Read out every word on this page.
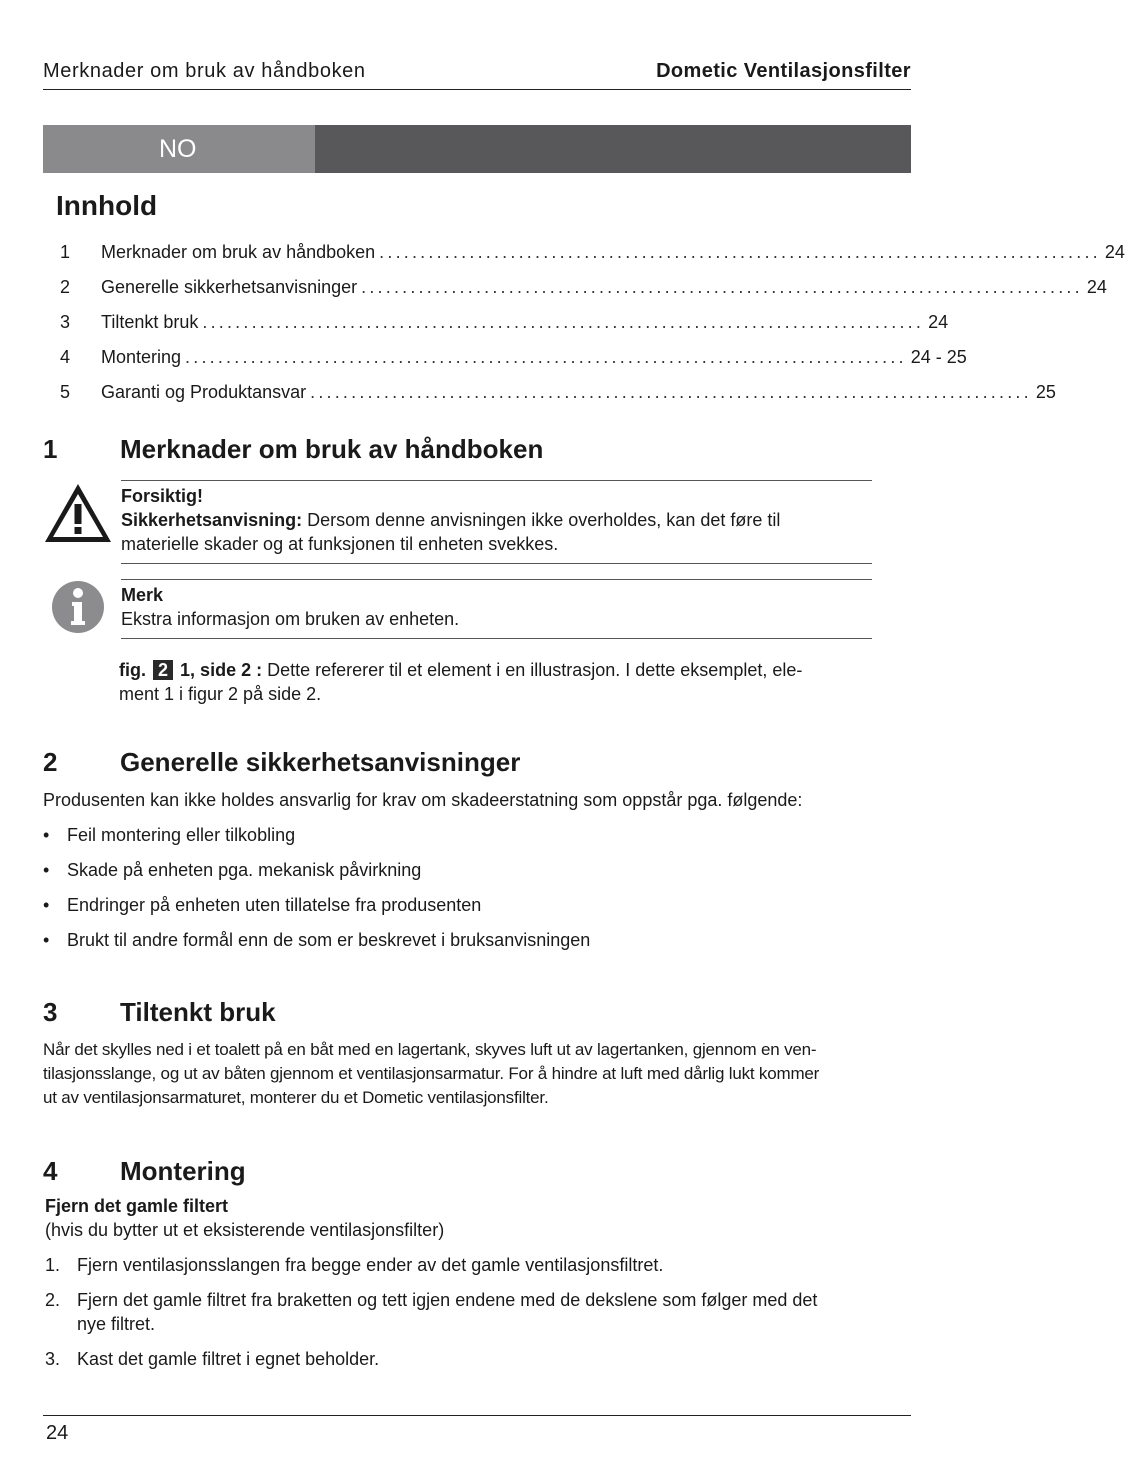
Merknader om bruk av håndboken	Dometic Ventilasjonsfilter
NO
Innhold
1	Merknader om bruk av håndboken ........................................................................................ 24
2	Generelle sikkerhetsanvisninger ........................................................................................ 24
3	Tiltenkt bruk ........................................................................................ 24
4	Montering ........................................................................................ 24 - 25
5	Garanti og Produktansvar ........................................................................................ 25
1 Merknader om bruk av håndboken
Forsiktig!
Sikkerhetsanvisning: Dersom denne anvisningen ikke overholdes, kan det føre til
materielle skader og at funksjonen til enheten svekkes.
Merk
Ekstra informasjon om bruken av enheten.
fig. 2 1, side 2 : Dette refererer til et element i en illustrasjon. I dette eksemplet, ele-
ment 1 i figur 2 på side 2.
2 Generelle sikkerhetsanvisninger
Produsenten kan ikke holdes ansvarlig for krav om skadeerstatning som oppstår pga. følgende:
• Feil montering eller tilkobling
• Skade på enheten pga. mekanisk påvirkning
• Endringer på enheten uten tillatelse fra produsenten
• Brukt til andre formål enn de som er beskrevet i bruksanvisningen
3 Tiltenkt bruk
Når det skylles ned i et toalett på en båt med en lagertank, skyves luft ut av lagertanken, gjennom en ven-
tilasjonsslange, og ut av båten gjennom et ventilasjonsarmatur. For å hindre at luft med dårlig lukt kommer
ut av ventilasjonsarmaturet, monterer du et Dometic ventilasjonsfilter.
4 Montering
Fjern det gamle filtert
(hvis du bytter ut et eksisterende ventilasjonsfilter)
1. Fjern ventilasjonsslangen fra begge ender av det gamle ventilasjonsfiltret.
2. Fjern det gamle filtret fra braketten og tett igjen endene med de dekslene som følger med det
nye filtret.
3. Kast det gamle filtret i egnet beholder.
24
